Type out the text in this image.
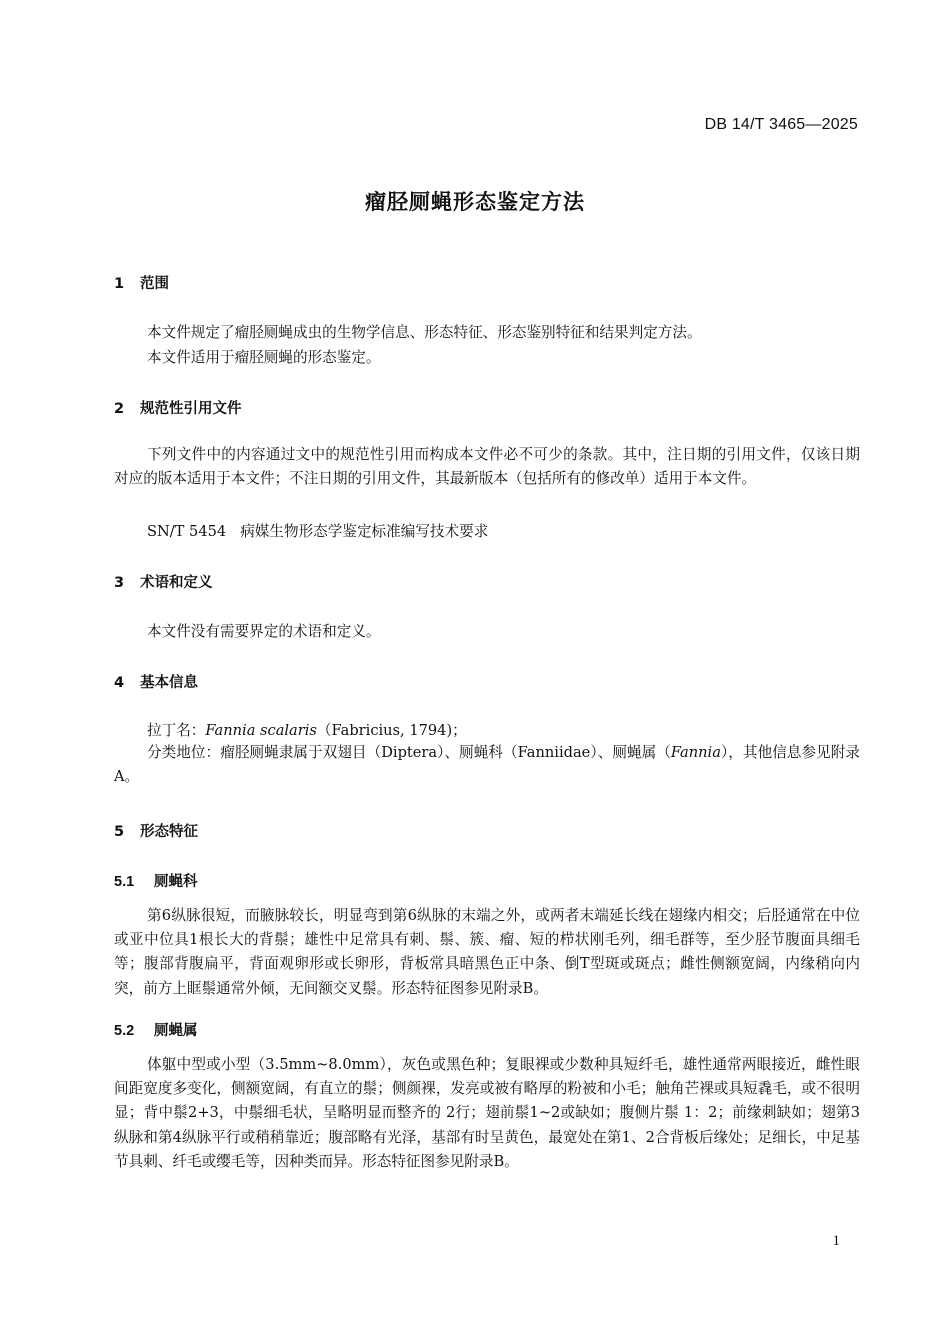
DB 14/T 3465—2025
瘤胫厕蝇形态鉴定方法
1 范围
本文件规定了瘤胫厕蝇成虫的生物学信息、形态特征、形态鉴别特征和结果判定方法。
本文件适用于瘤胫厕蝇的形态鉴定。
2 规范性引用文件
下列文件中的内容通过文中的规范性引用而构成本文件必不可少的条款。其中，注日期的引用文件，仅该日期对应的版本适用于本文件；不注日期的引用文件，其最新版本（包括所有的修改单）适用于本文件。
SN/T 5454 病媒生物形态学鉴定标准编写技术要求
3 术语和定义
本文件没有需要界定的术语和定义。
4 基本信息
拉丁名：Fannia scalaris（Fabricius, 1794)；
分类地位：瘤胫厕蝇隶属于双翅目（Diptera）、厕蝇科（Fanniidae）、厕蝇属（Fannia），其他信息参见附录A。
5 形态特征
5.1 厕蝇科
第6纵脉很短，而腋脉较长，明显弯到第6纵脉的末端之外，或两者末端延长线在翅缘内相交；后胫通常在中位或亚中位具1根长大的背鬃；雄性中足常具有刺、鬃、簇、瘤、短的栉状刚毛列，细毛群等，至少胫节腹面具细毛等；腹部背腹扁平，背面观卵形或长卵形，背板常具暗黑色正中条、倒T型斑或斑点；雌性侧额宽阔，内缘稍向内突，前方上眶鬃通常外倾，无间额交叉鬃。形态特征图参见附录B。
5.2 厕蝇属
体躯中型或小型（3.5mm~8.0mm），灰色或黑色种；复眼裸或少数种具短纤毛，雄性通常两眼接近，雌性眼间距宽度多变化，侧额宽阔，有直立的鬃；侧颜裸，发亮或被有略厚的粉被和小毛；触角芒裸或具短毳毛，或不很明显；背中鬃2+3，中鬃细毛状，呈略明显而整齐的 2行；翅前鬃1~2或缺如；腹侧片鬃 1：2；前缘刺缺如；翅第3纵脉和第4纵脉平行或稍稍靠近；腹部略有光泽，基部有时呈黄色，最宽处在第1、2合背板后缘处；足细长，中足基节具刺、纤毛或缨毛等，因种类而异。形态特征图参见附录B。
1
